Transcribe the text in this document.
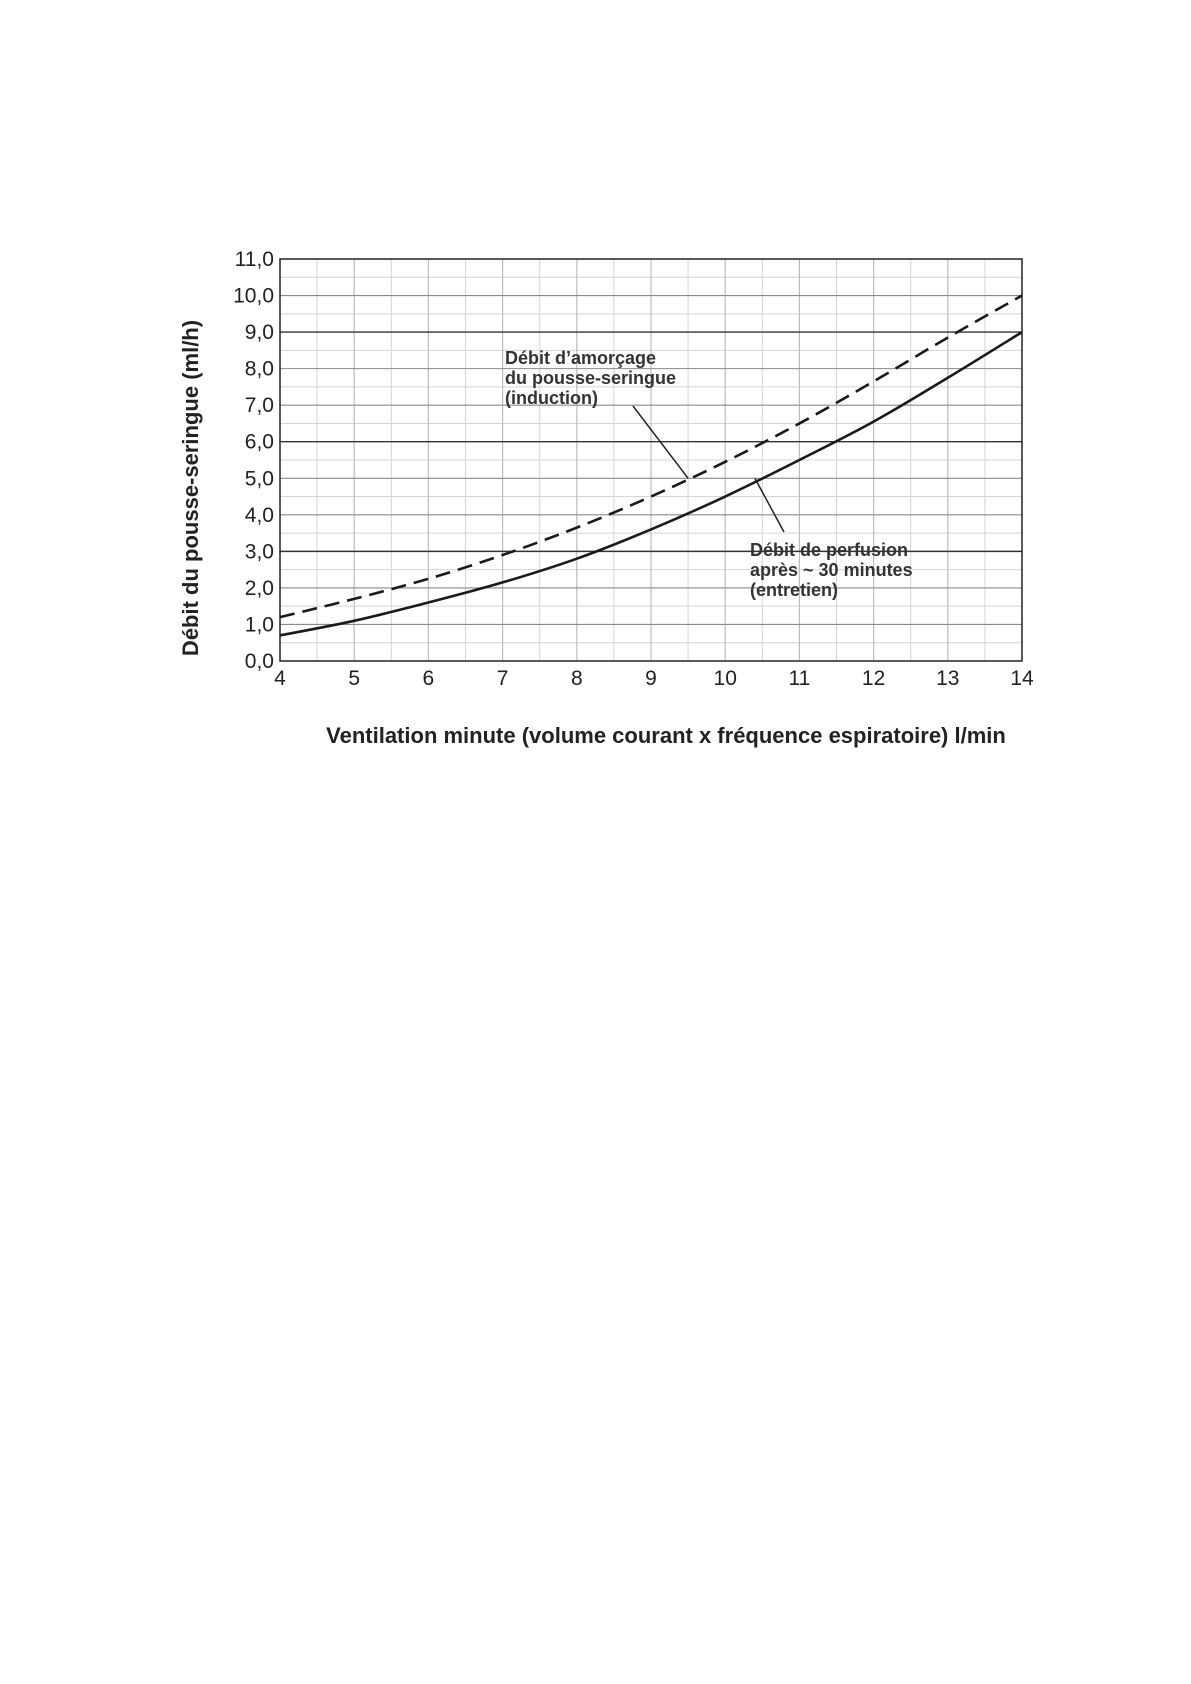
Débit d’amorçage du pousse-seringue (induction)
Débit de perfusion après ~ 30 minutes (entretien)
4	5	6	7	8	9	10 11 12 13 14
0,0
1,0
2,0
3,0
4,0
5,0
6,0
7,0
8,0
9,0
10,0
11,0
Ventilation minute (volume courant x fréquence espiratoire) l/min
Débit du pousse-seringue (ml/h)
